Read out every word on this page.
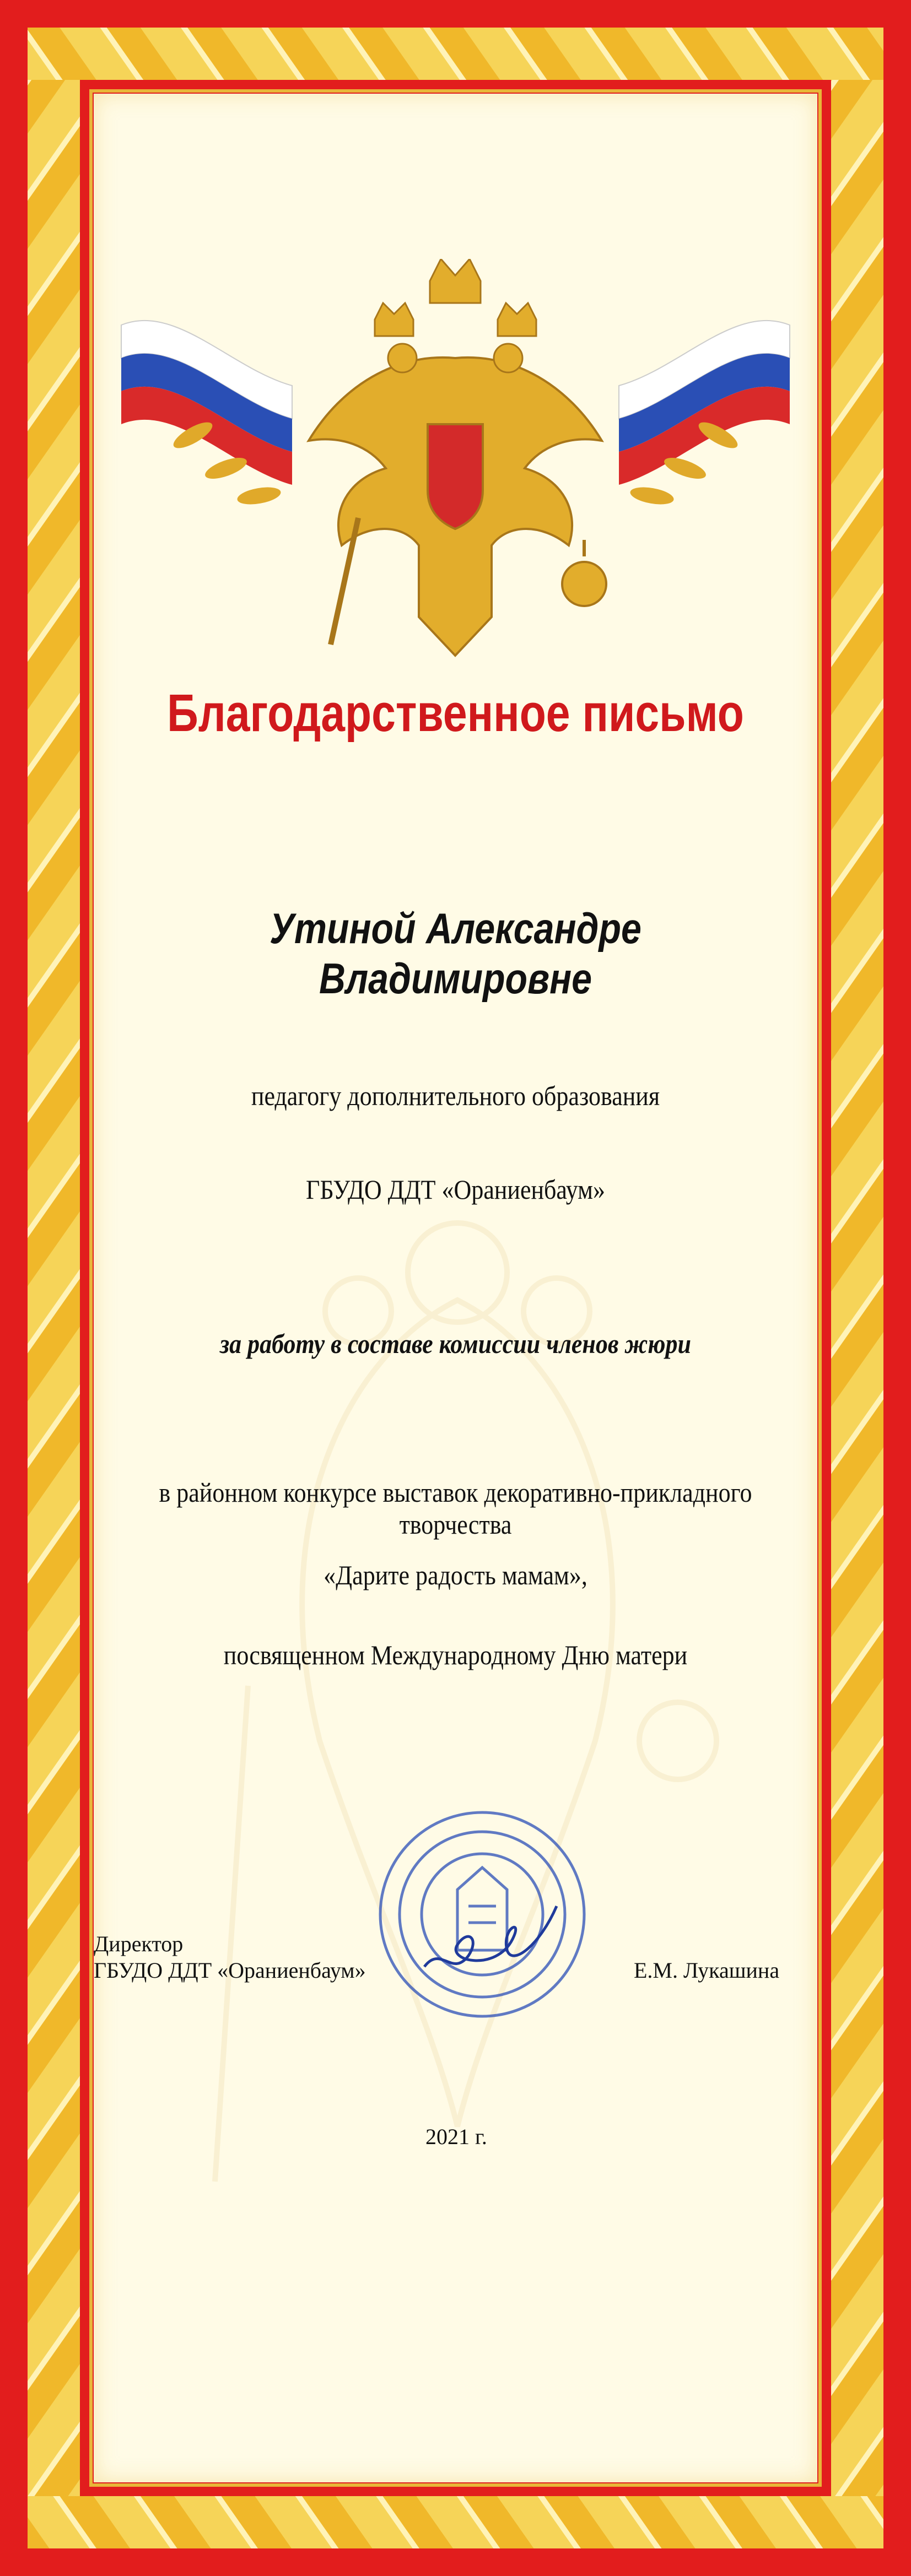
Благодарственное письмо
Утиной Александре Владимировне
педагогу дополнительного образования
ГБУДО ДДТ «Ораниенбаум»
за работу в составе комиссии членов жюри
в районном конкурсе выставок декоративно-прикладного творчества
«Дарите радость мамам»,
посвященном Международному Дню матери
Директор
ГБУДО ДДТ «Ораниенбаум»	Е.М. Лукашина
2021 г.
